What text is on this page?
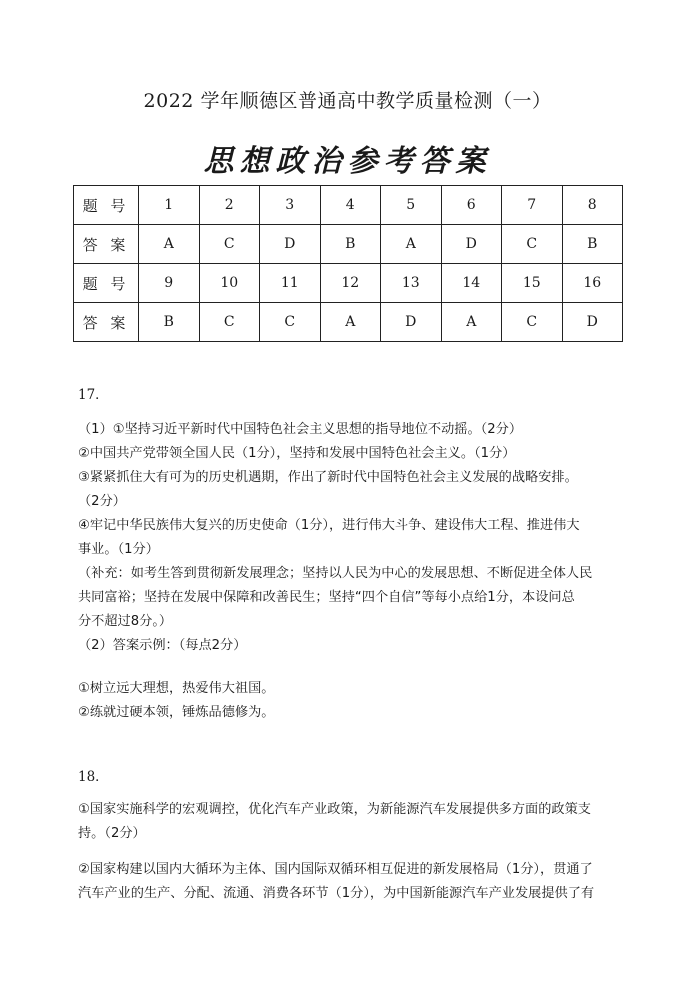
2022 学年顺德区普通高中教学质量检测（一）
思想政治参考答案
题 号	1	2	3	4	5	6	7	8
答 案	A	C	D	B	A	D	C	B
题 号	9	10	11	12	13	14	15	16
答 案	B	C	C	A	D	A	C	D
17．

（1）①坚持习近平新时代中国特色社会主义思想的指导地位不动摇。（2分）

②中国共产党带领全国人民（1分），坚持和发展中国特色社会主义。（1分）

③紧紧抓住大有可为的历史机遇期，作出了新时代中国特色社会主义发展的战略安排。

（2分）

④牢记中华民族伟大复兴的历史使命（1分），进行伟大斗争、建设伟大工程、推进伟大

事业。（1分）

（补充：如考生答到贯彻新发展理念；坚持以人民为中心的发展思想、不断促进全体人民

共同富裕；坚持在发展中保障和改善民生；坚持“四个自信”等每小点给1分，本设问总

分不超过8分。）

（2）答案示例：（每点2分）

①树立远大理想，热爱伟大祖国。

②练就过硬本领，锤炼品德修为。

18．

①国家实施科学的宏观调控，优化汽车产业政策，为新能源汽车发展提供多方面的政策支

持。（2分）

②国家构建以国内大循环为主体、国内国际双循环相互促进的新发展格局（1分），贯通了

汽车产业的生产、分配、流通、消费各环节（1分），为中国新能源汽车产业发展提供了有
